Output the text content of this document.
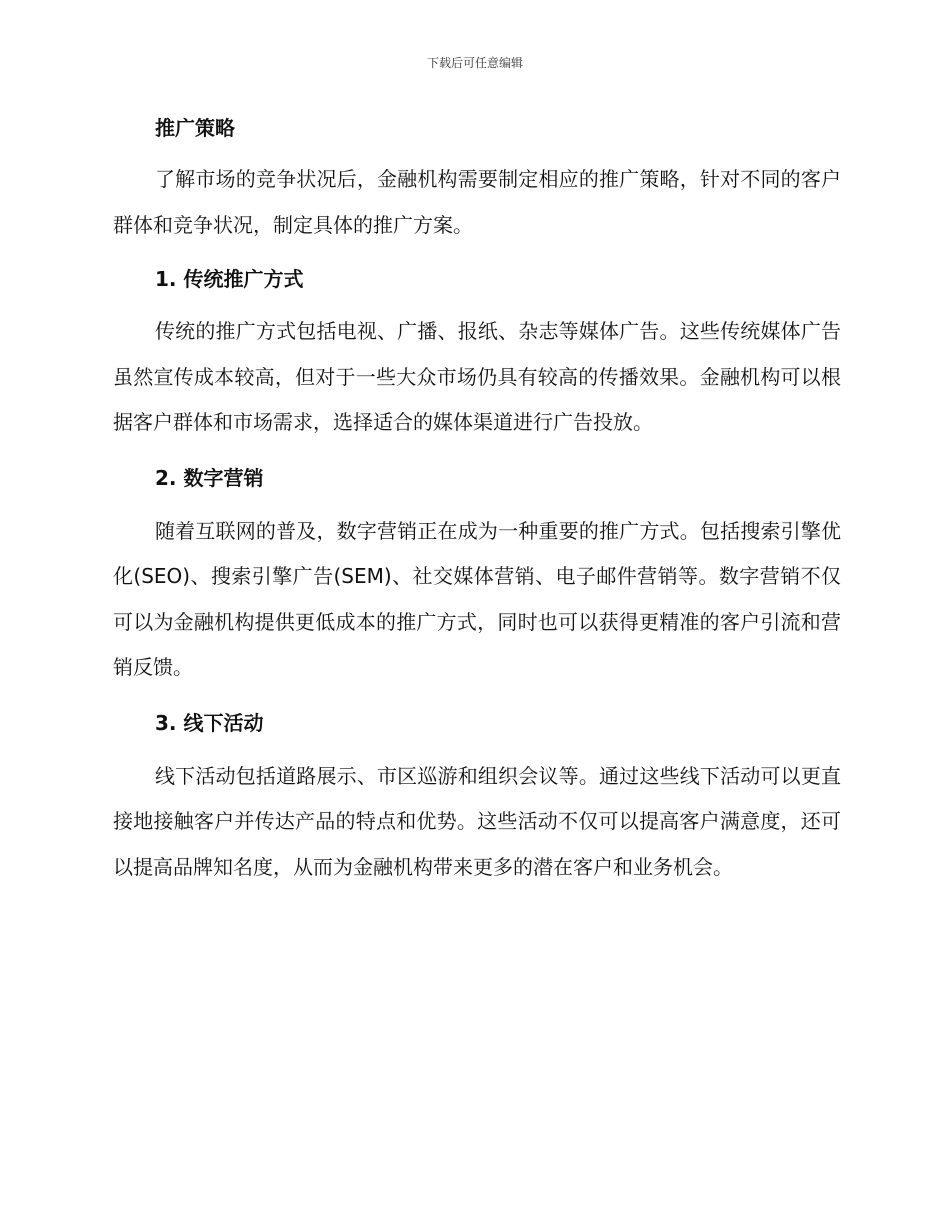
下载后可任意编辑
推广策略

了解市场的竞争状况后，金融机构需要制定相应的推广策略，针对不同的客户群体和竞争状况，制定具体的推广方案。

1. 传统推广方式

传统的推广方式包括电视、广播、报纸、杂志等媒体广告。这些传统媒体广告虽然宣传成本较高，但对于一些大众市场仍具有较高的传播效果。金融机构可以根据客户群体和市场需求，选择适合的媒体渠道进行广告投放。

2. 数字营销

随着互联网的普及，数字营销正在成为一种重要的推广方式。包括搜索引擎优化(SEO)、搜索引擎广告(SEM)、社交媒体营销、电子邮件营销等。数字营销不仅可以为金融机构提供更低成本的推广方式，同时也可以获得更精准的客户引流和营销反馈。

3. 线下活动

线下活动包括道路展示、市区巡游和组织会议等。通过这些线下活动可以更直接地接触客户并传达产品的特点和优势。这些活动不仅可以提高客户满意度，还可以提高品牌知名度，从而为金融机构带来更多的潜在客户和业务机会。
